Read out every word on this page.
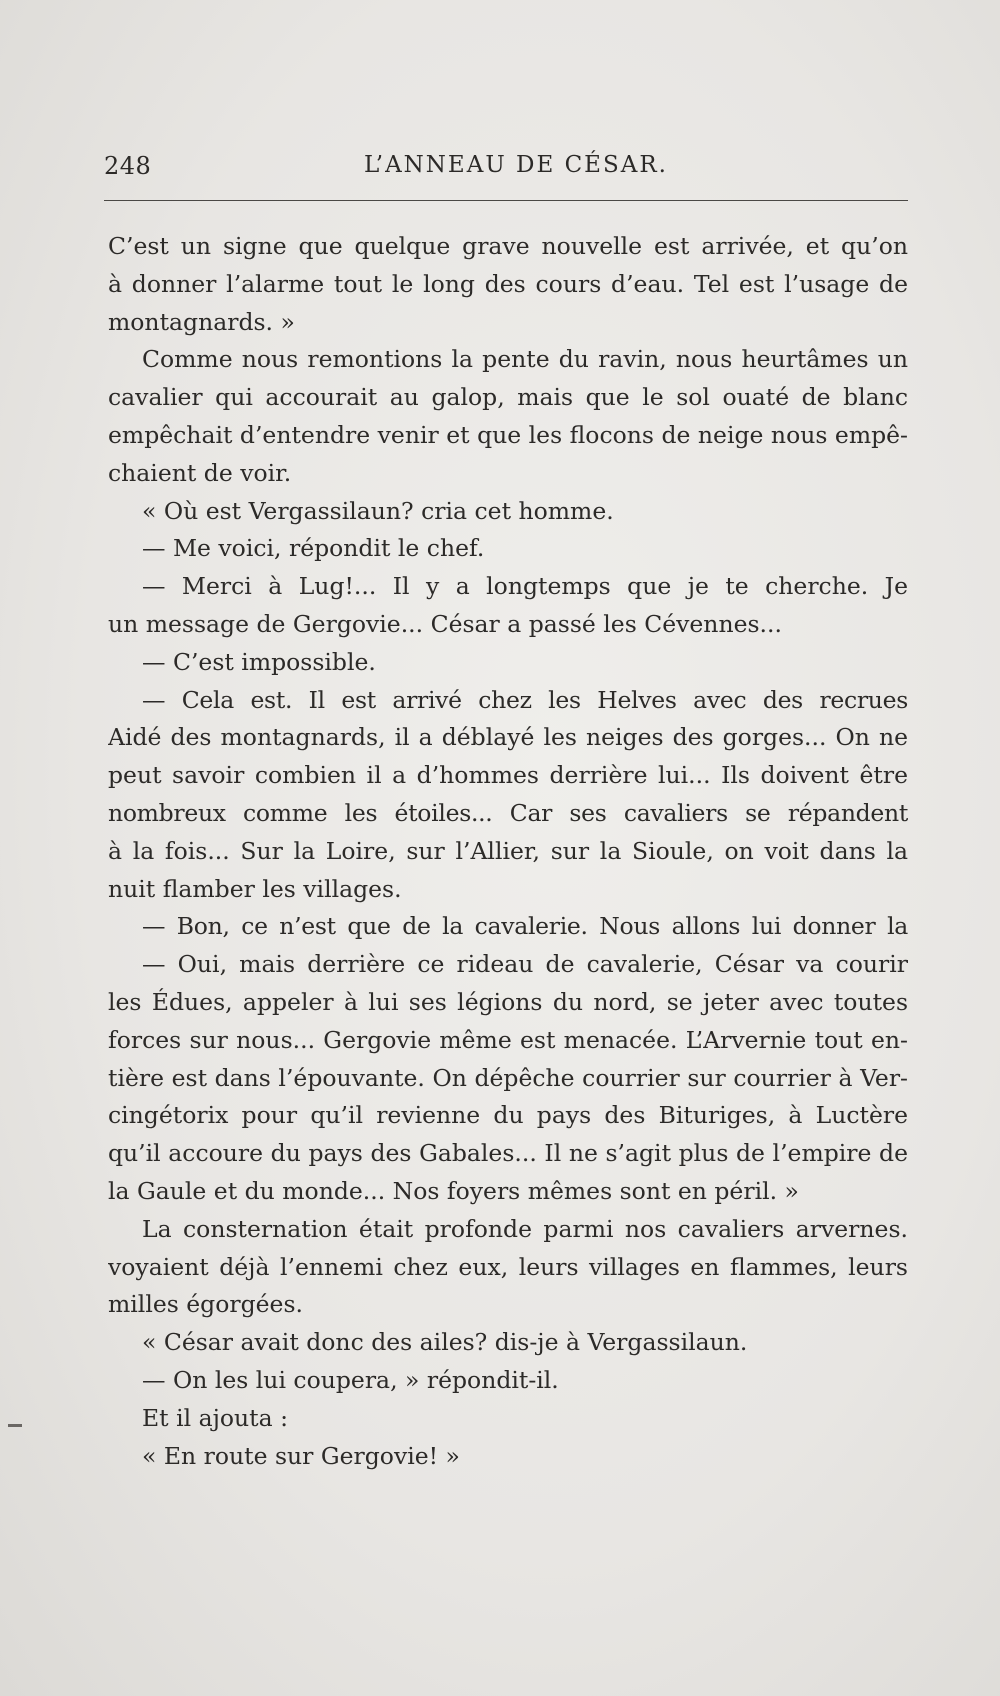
248	L’ANNEAU DE CÉSAR.
C’est un signe que quelque grave nouvelle est arrivée, et qu’on
à donner l’alarme tout le long des cours d’eau. Tel est l’usage de
montagnards. »
Comme nous remontions la pente du ravin, nous heurtâmes un
cavalier qui accourait au galop, mais que le sol ouaté de blanc
empêchait d’entendre venir et que les flocons de neige nous empê-
chaient de voir.
« Où est Vergassilaun? cria cet homme.
— Me voici, répondit le chef.
— Merci à Lug!... Il y a longtemps que je te cherche. Je
un message de Gergovie... César a passé les Cévennes...
— C’est impossible.
— Cela est. Il est arrivé chez les Helves avec des recrues
Aidé des montagnards, il a déblayé les neiges des gorges... On ne
peut savoir combien il a d’hommes derrière lui... Ils doivent être
nombreux comme les étoiles... Car ses cavaliers se répandent
à la fois... Sur la Loire, sur l’Allier, sur la Sioule, on voit dans la
nuit flamber les villages.
— Bon, ce n’est que de la cavalerie. Nous allons lui donner la
— Oui, mais derrière ce rideau de cavalerie, César va courir
les Édues, appeler à lui ses légions du nord, se jeter avec toutes
forces sur nous... Gergovie même est menacée. L’Arvernie tout en-
tière est dans l’épouvante. On dépêche courrier sur courrier à Ver-
cingétorix pour qu’il revienne du pays des Bituriges, à Luctère
qu’il accoure du pays des Gabales... Il ne s’agit plus de l’empire de
la Gaule et du monde... Nos foyers mêmes sont en péril. »
La consternation était profonde parmi nos cavaliers arvernes.
voyaient déjà l’ennemi chez eux, leurs villages en flammes, leurs
milles égorgées.
« César avait donc des ailes? dis-je à Vergassilaun.
— On les lui coupera, » répondit-il.
Et il ajouta :
« En route sur Gergovie! »
